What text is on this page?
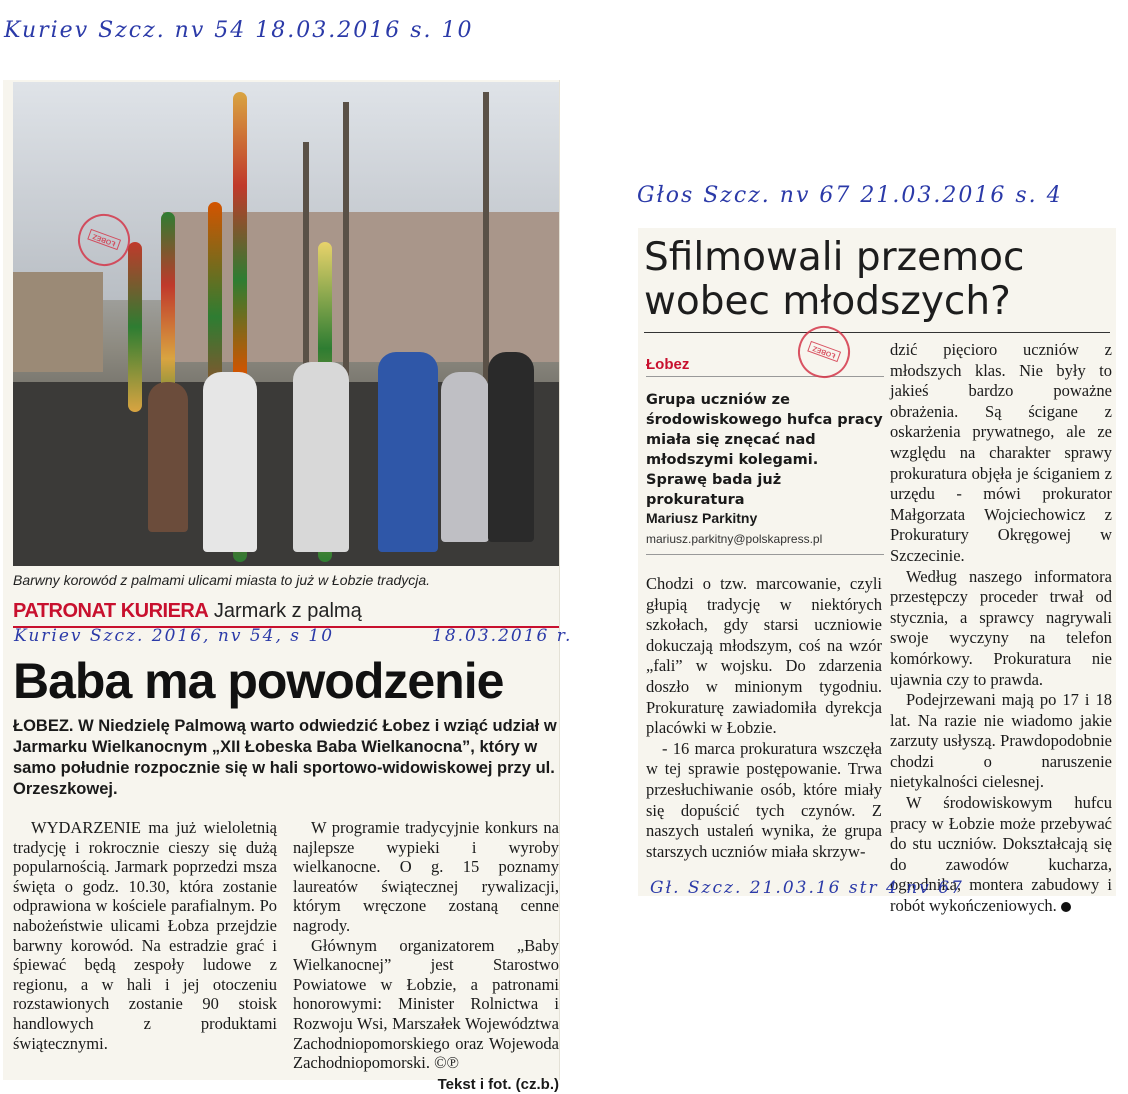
Kuriev Szcz. nv 54 18.03.2016 s. 10
Głos Szcz. nv 67 21.03.2016 s. 4
ŁOBEZ
Barwny korowód z palmami ulicami miasta to już w Łobzie tradycja.
PATRONAT KURIERA Jarmark z palmą
Baba ma powodzenie
ŁOBEZ. W Niedzielę Palmową warto odwiedzić Łobez i wziąć udział w Jarmarku Wielkanocnym „XII Łobeska Baba Wielkanocna”, który w samo południe rozpocznie się w hali sportowo-widowiskowej przy ul. Orzeszkowej.

WYDARZENIE ma już wieloletnią tradycję i rokrocznie cieszy się dużą popularnością. Jarmark poprzedzi msza święta o godz. 10.30, która zostanie odprawiona w kościele parafialnym. Po nabożeństwie ulicami Łobza przejdzie barwny korowód. Na estradzie grać i śpiewać będą zespoły ludowe z regionu, a w hali i jej otoczeniu rozstawionych zostanie 90 stoisk handlowych z produktami świątecznymi.

W programie tradycyjnie konkurs na najlepsze wypieki i wyroby wielkanocne. O g. 15 poznamy laureatów świątecznej rywalizacji, którym wręczone zostaną cenne nagrody.

Głównym organizatorem „Baby Wielkanocnej” jest Starostwo Powiatowe w Łobzie, a patronami honorowymi: Minister Rolnictwa i Rozwoju Wsi, Marszałek Województwa Zachodniopomorskiego oraz Wojewoda Zachodniopomorski. ©℗

Tekst i fot. (cz.b.)
Kuriev Szcz. 2016, nv 54, s 10	18.03.2016 r.
Sfilmowali przemoc wobec młodszych?
Łobez
Grupa uczniów ze środowiskowego hufca pracy miała się znęcać nad młodszymi kolegami. Sprawę bada już prokuratura
Mariusz Parkitny
mariusz.parkitny@polskapress.pl

Chodzi o tzw. marcowanie, czyli głupią tradycję w niektórych szkołach, gdy starsi uczniowie dokuczają młodszym, coś na wzór „fali” w wojsku. Do zdarzenia doszło w minionym tygodniu. Prokuraturę zawiadomiła dyrekcja placówki w Łobzie.

- 16 marca prokuratura wszczęła w tej sprawie postępowanie. Trwa przesłuchiwanie osób, które miały się dopuścić tych czynów. Z naszych ustaleń wynika, że grupa starszych uczniów miała skrzyw-

dzić pięcioro uczniów z młodszych klas. Nie były to jakieś bardzo poważne obrażenia. Są ścigane z oskarżenia prywatnego, ale ze względu na charakter sprawy prokuratura objęła je ściganiem z urzędu - mówi prokurator Małgorzata Wojciechowicz z Prokuratury Okręgowej w Szczecinie.

Według naszego informatora przestępczy proceder trwał od stycznia, a sprawcy nagrywali swoje wyczyny na telefon komórkowy. Prokuratura nie ujawnia czy to prawda.

Podejrzewani mają po 17 i 18 lat. Na razie nie wiadomo jakie zarzuty usłyszą. Prawdopodobnie chodzi o naruszenie nietykalności cielesnej.

W środowiskowym hufcu pracy w Łobzie może przebywać do stu uczniów. Dokształcają się do zawodów kucharza, ogrodnika, montera zabudowy i robót wykończeniowych.

ŁOBEZ
Gł. Szcz. 21.03.16 str 4 nv 67
